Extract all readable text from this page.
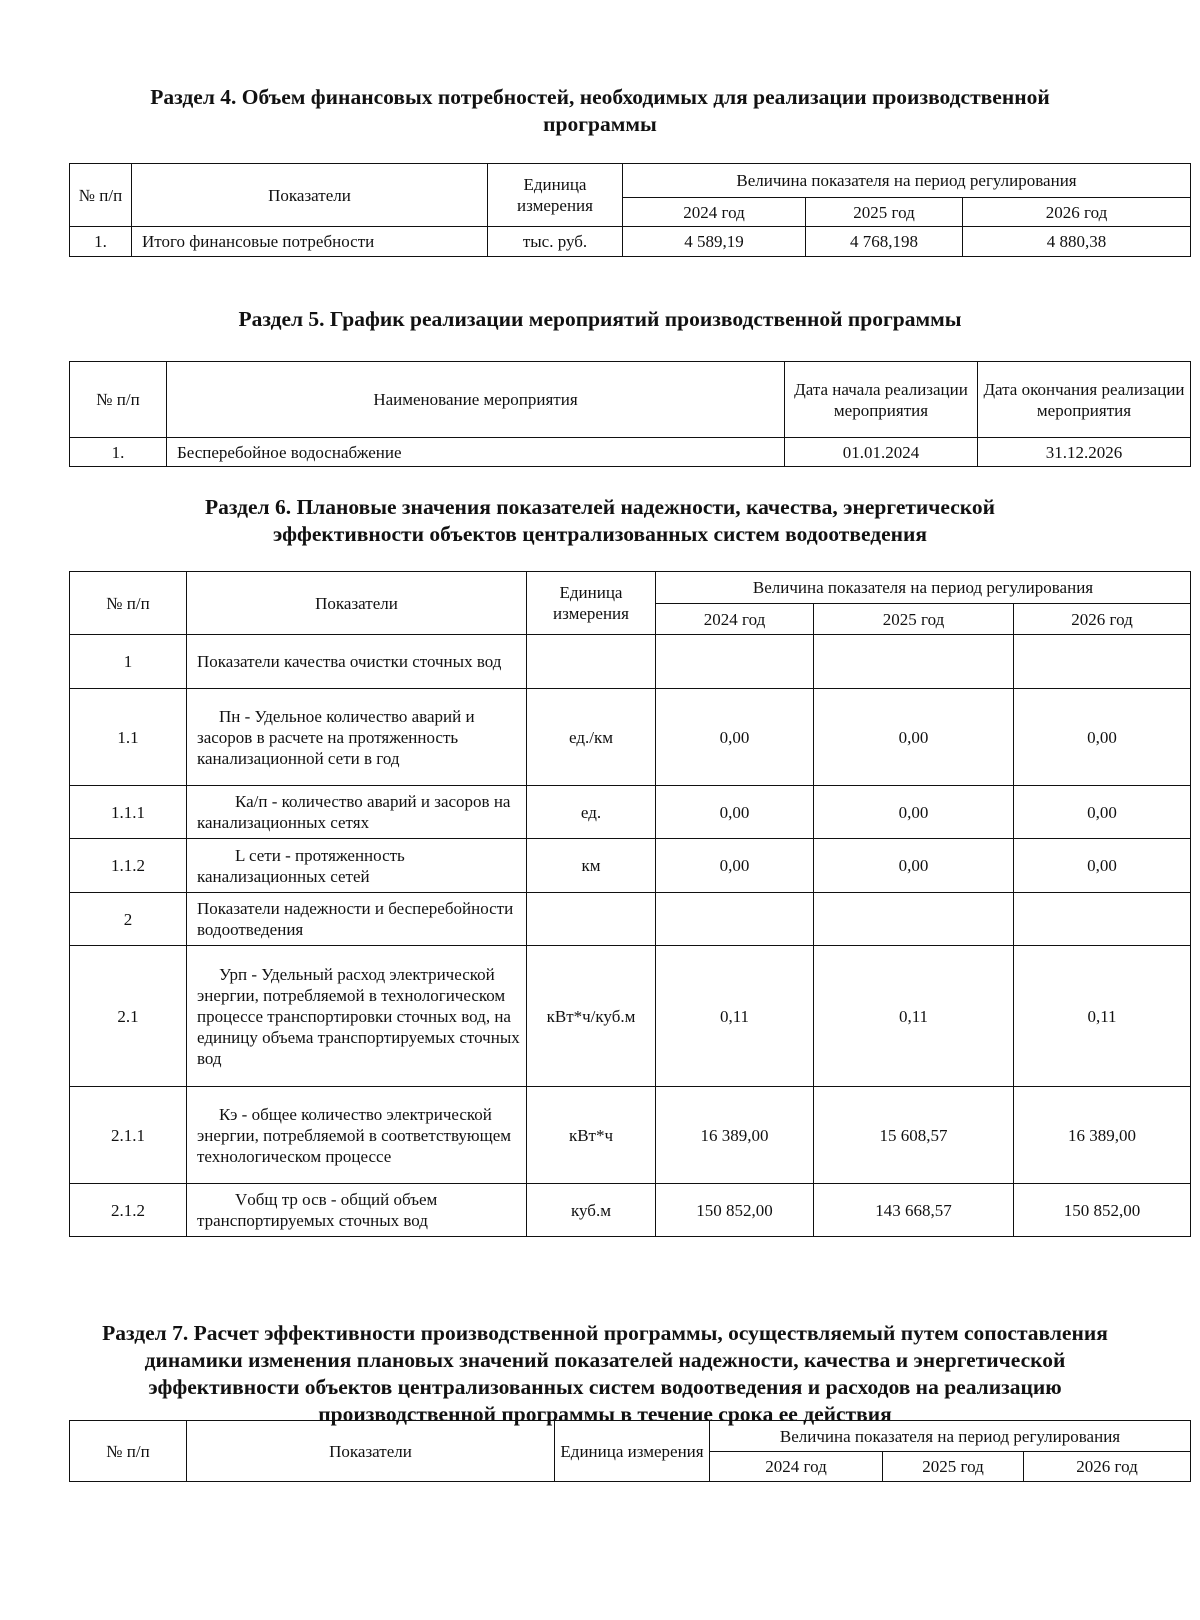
Раздел 4. Объем финансовых потребностей, необходимых для реализации производственной программы
№ п/п	Показатели	Единица измерения	Величина показателя на период регулирования		
			2024 год	2025 год	2026 год
1.	Итого финансовые потребности	тыс. руб.	4 589,19	4 768,198	4 880,38
Раздел 5. График реализации мероприятий производственной программы
№ п/п	Наименование мероприятия	Дата начала реализации мероприятия	Дата окончания реализации мероприятия
1.	Бесперебойное водоснабжение	01.01.2024	31.12.2026
Раздел 6. Плановые значения показателей надежности, качества, энергетической эффективности объектов централизованных систем водоотведения
№ п/п	Показатели	Единица измерения	Величина показателя на период регулирования		
			2024 год	2025 год	2026 год
1	Показатели качества очистки сточных вод				
1.1	Пн - Удельное количество аварий и засоров в расчете на протяженность канализационной сети в год	ед./км	0,00	0,00	0,00
1.1.1	Ка/п - количество аварий и засоров на канализационных сетях	ед.	0,00	0,00	0,00
1.1.2	L сети - протяженность канализационных сетей	км	0,00	0,00	0,00
2	Показатели надежности и бесперебойности водоотведения				
2.1	Урп - Удельный расход электрической энергии, потребляемой в технологическом процессе транспортировки сточных вод, на единицу объема транспортируемых сточных вод	кВт*ч/куб.м	0,11	0,11	0,11
2.1.1	Кэ - общее количество электрической энергии, потребляемой в соответствующем технологическом процессе	кВт*ч	16 389,00	15 608,57	16 389,00
2.1.2	Vобщ тр осв - общий объем транспортируемых сточных вод	куб.м	150 852,00	143 668,57	150 852,00
Раздел 7. Расчет эффективности производственной программы, осуществляемый путем сопоставления динамики изменения плановых значений показателей надежности, качества и энергетической эффективности объектов централизованных систем водоотведения и расходов на реализацию производственной программы в течение срока ее действия
№ п/п	Показатели	Единица измерения	Величина показателя на период регулирования		
			2024 год	2025 год	2026 год
